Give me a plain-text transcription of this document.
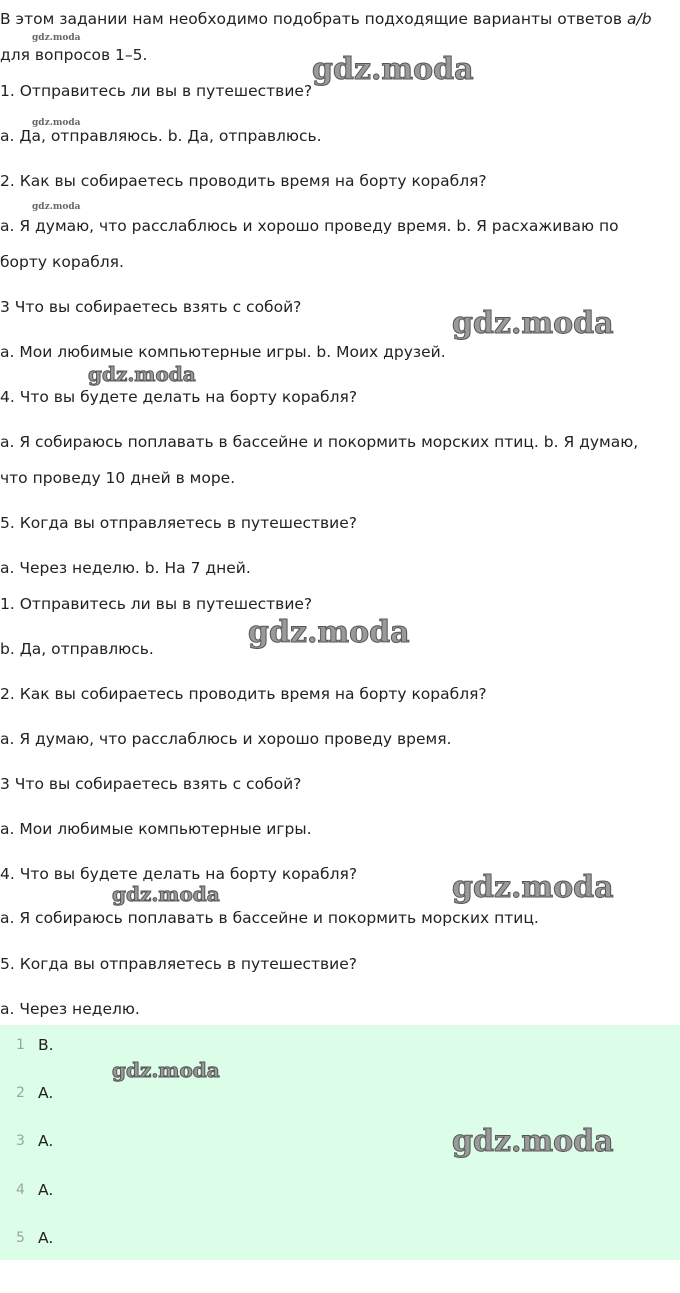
В этом задании нам необходимо подобрать подходящие варианты ответов a/b
для вопросов 1–5.
1. Отправитесь ли вы в путешествие?
а. Да, отправляюсь. b. Да, отправлюсь.
2. Как вы собираетесь проводить время на борту корабля?
а. Я думаю, что расслаблюсь и хорошо проведу время. b. Я расхаживаю по
борту корабля.
3 Что вы собираетесь взять с собой?
а. Мои любимые компьютерные игры. b. Моих друзей.
4. Что вы будете делать на борту корабля?
а. Я собираюсь поплавать в бассейне и покормить морских птиц. b. Я думаю,
что проведу 10 дней в море.
5. Когда вы отправляетесь в путешествие?
а. Через неделю. b. На 7 дней.
1. Отправитесь ли вы в путешествие?
b. Да, отправлюсь.
2. Как вы собираетесь проводить время на борту корабля?
а. Я думаю, что расслаблюсь и хорошо проведу время.
3 Что вы собираетесь взять с собой?
а. Мои любимые компьютерные игры.
4. Что вы будете делать на борту корабля?
а. Я собираюсь поплавать в бассейне и покормить морских птиц.
5. Когда вы отправляетесь в путешествие?
а. Через неделю.
1 B.
2 A.
3 A.
4 A.
5 A.
gdz.moda
gdz.moda
gdz.moda
gdz.moda
gdz.moda
gdz.moda
gdz.moda
gdz.moda	gdz.moda
gdz.moda
gdz.moda
